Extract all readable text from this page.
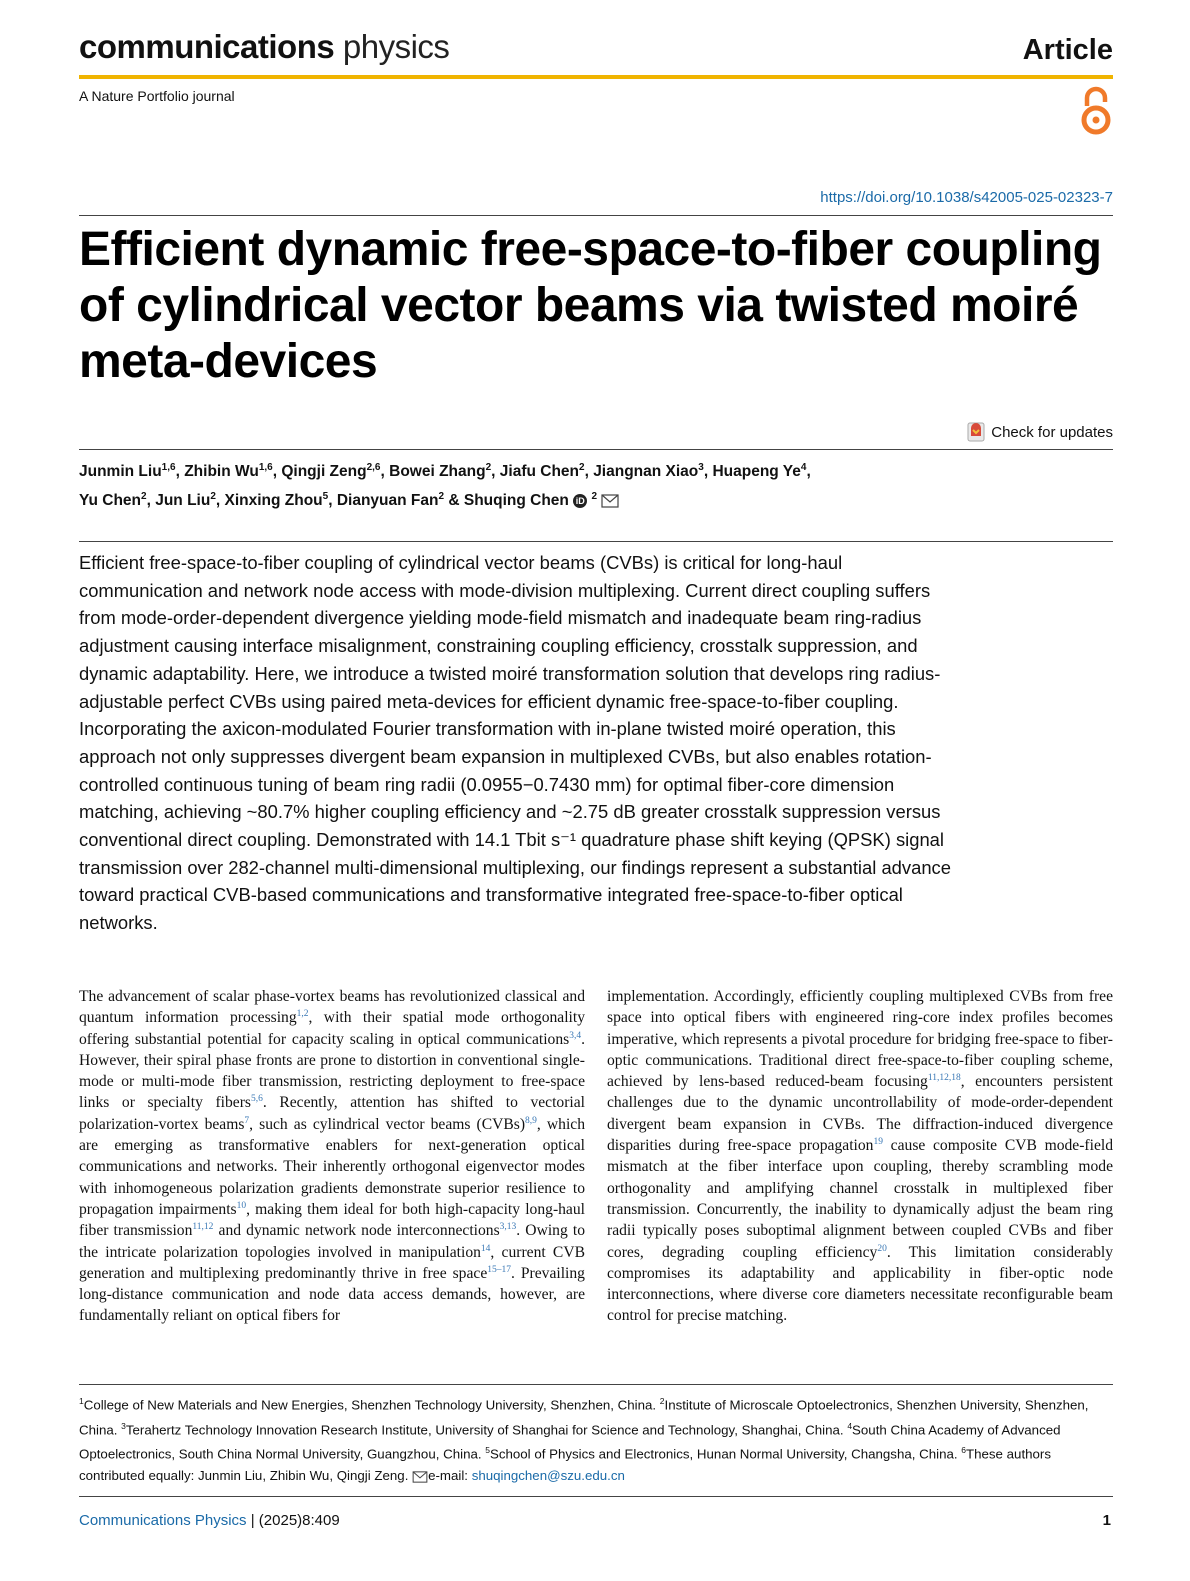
communications physics	Article
A Nature Portfolio journal
https://doi.org/10.1038/s42005-025-02323-7
Efficient dynamic free-space-to-fiber coupling of cylindrical vector beams via twisted moiré meta-devices
Check for updates
Junmin Liu$^{1,6}$, Zhibin Wu$^{1,6}$, Qingji Zeng$^{2,6}$, Bowei Zhang$^2$, Jiafu Chen$^2$, Jiangnan Xiao$^3$, Huapeng Ye$^4$,
Yu Chen$^2$, Jun Liu$^2$, Xinxing Zhou$^5$, Dianyuan Fan$^2$ & Shuqing Chen iD $^2$

Efficient free-space-to-fiber coupling of cylindrical vector beams (CVBs) is critical for long-haul communication and network node access with mode-division multiplexing. Current direct coupling suffers from mode-order-dependent divergence yielding mode-field mismatch and inadequate beam ring-radius adjustment causing interface misalignment, constraining coupling efficiency, crosstalk suppression, and dynamic adaptability. Here, we introduce a twisted moiré transformation solution that develops ring radius-adjustable perfect CVBs using paired meta-devices for efficient dynamic free-space-to-fiber coupling. Incorporating the axicon-modulated Fourier transformation with in-plane twisted moiré operation, this approach not only suppresses divergent beam expansion in multiplexed CVBs, but also enables rotation-controlled continuous tuning of beam ring radii (0.0955−0.7430 mm) for optimal fiber-core dimension matching, achieving ~80.7% higher coupling efficiency and ~2.75 dB greater crosstalk suppression versus conventional direct coupling. Demonstrated with 14.1 Tbit s⁻¹ quadrature phase shift keying (QPSK) signal transmission over 282-channel multi-dimensional multiplexing, our findings represent a substantial advance toward practical CVB-based communications and transformative integrated free-space-to-fiber optical networks.

The advancement of scalar phase-vortex beams has revolutionized classical and quantum information processing$^{1,2}$, with their spatial mode orthogonality offering substantial potential for capacity scaling in optical communications$^{3,4}$. However, their spiral phase fronts are prone to distortion in conventional single-mode or multi-mode fiber transmission, restricting deployment to free-space links or specialty fibers$^{5,6}$. Recently, attention has shifted to vectorial polarization-vortex beams$^7$, such as cylindrical vector beams (CVBs)$^{8,9}$, which are emerging as transformative enablers for next-generation optical communications and networks. Their inherently orthogonal eigenvector modes with inhomogeneous polarization gradients demonstrate superior resilience to propagation impairments$^{10}$, making them ideal for both high-capacity long-haul fiber transmission$^{11,12}$ and dynamic network node interconnections$^{3,13}$. Owing to the intricate polarization topologies involved in manipulation$^{14}$, current CVB generation and multiplexing predominantly thrive in free space$^{15-17}$. Prevailing long-distance communication and node data access demands, however, are fundamentally reliant on optical fibers for
implementation. Accordingly, efficiently coupling multiplexed CVBs from free space into optical fibers with engineered ring-core index profiles becomes imperative, which represents a pivotal procedure for bridging free-space to fiber-optic communications. Traditional direct free-space-to-fiber coupling scheme, achieved by lens-based reduced-beam focusing$^{11,12,18}$, encounters persistent challenges due to the dynamic uncontrollability of mode-order-dependent divergent beam expansion in CVBs. The diffraction-induced divergence disparities during free-space propagation$^{19}$ cause composite CVB mode-field mismatch at the fiber interface upon coupling, thereby scrambling mode orthogonality and amplifying channel crosstalk in multiplexed fiber transmission. Concurrently, the inability to dynamically adjust the beam ring radii typically poses suboptimal alignment between coupled CVBs and fiber cores, degrading coupling efficiency$^{20}$. This limitation considerably compromises its adaptability and applicability in fiber-optic node interconnections, where diverse core diameters necessitate reconfigurable beam control for precise matching.
$^1$College of New Materials and New Energies, Shenzhen Technology University, Shenzhen, China. $^2$Institute of Microscale Optoelectronics, Shenzhen University, Shenzhen, China. $^3$Terahertz Technology Innovation Research Institute, University of Shanghai for Science and Technology, Shanghai, China. $^4$South China Academy of Advanced Optoelectronics, South China Normal University, Guangzhou, China. $^5$School of Physics and Electronics, Hunan Normal University, Changsha, China. $^6$These authors contributed equally: Junmin Liu, Zhibin Wu, Qingji Zeng. e-mail: shuqingchen@szu.edu.cn
Communications Physics | (2025)8:409	1
